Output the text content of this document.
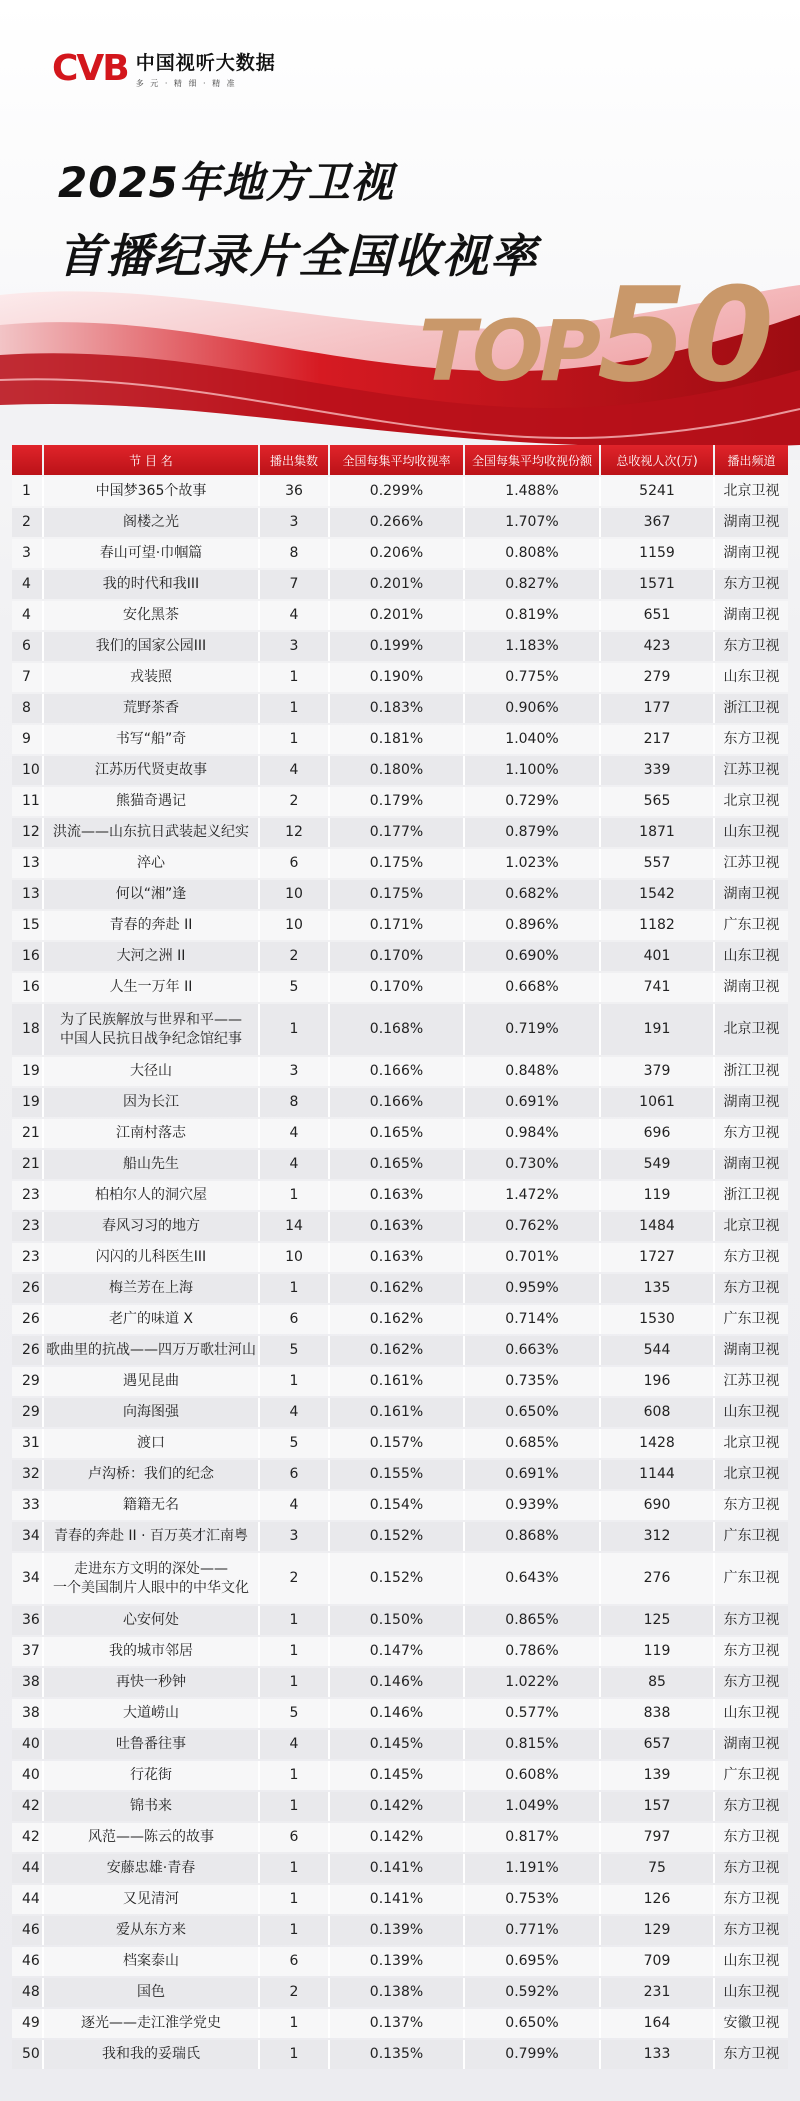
CVB 中国视听大数据
多 元 · 精 细 · 精 准
2025年地方卫视
首播纪录片全国收视率
TOP50
	节 目 名	播出集数	全国每集平均收视率	全国每集平均收视份额	总收视人次(万)	播出频道
1	中国梦365个故事	36	0.299%	1.488%	5241	北京卫视
2	阁楼之光	3	0.266%	1.707%	367	湖南卫视
3	春山可望·巾帼篇	8	0.206%	0.808%	1159	湖南卫视
4	我的时代和我III	7	0.201%	0.827%	1571	东方卫视
4	安化黑茶	4	0.201%	0.819%	651	湖南卫视
6	我们的国家公园III	3	0.199%	1.183%	423	东方卫视
7	戎装照	1	0.190%	0.775%	279	山东卫视
8	荒野茶香	1	0.183%	0.906%	177	浙江卫视
9	书写“船”奇	1	0.181%	1.040%	217	东方卫视
10	江苏历代贤吏故事	4	0.180%	1.100%	339	江苏卫视
11	熊猫奇遇记	2	0.179%	0.729%	565	北京卫视
12	洪流——山东抗日武装起义纪实	12	0.177%	0.879%	1871	山东卫视
13	淬心	6	0.175%	1.023%	557	江苏卫视
13	何以“湘”逢	10	0.175%	0.682%	1542	湖南卫视
15	青春的奔赴 II	10	0.171%	0.896%	1182	广东卫视
16	大河之洲 II	2	0.170%	0.690%	401	山东卫视
16	人生一万年 II	5	0.170%	0.668%	741	湖南卫视
18	为了民族解放与世界和平——
中国人民抗日战争纪念馆纪事	1	0.168%	0.719%	191	北京卫视
19	大径山	3	0.166%	0.848%	379	浙江卫视
19	因为长江	8	0.166%	0.691%	1061	湖南卫视
21	江南村落志	4	0.165%	0.984%	696	东方卫视
21	船山先生	4	0.165%	0.730%	549	湖南卫视
23	柏柏尔人的洞穴屋	1	0.163%	1.472%	119	浙江卫视
23	春风习习的地方	14	0.163%	0.762%	1484	北京卫视
23	闪闪的儿科医生III	10	0.163%	0.701%	1727	东方卫视
26	梅兰芳在上海	1	0.162%	0.959%	135	东方卫视
26	老广的味道 X	6	0.162%	0.714%	1530	广东卫视
26	歌曲里的抗战——四万万歌壮河山	5	0.162%	0.663%	544	湖南卫视
29	遇见昆曲	1	0.161%	0.735%	196	江苏卫视
29	向海图强	4	0.161%	0.650%	608	山东卫视
31	渡口	5	0.157%	0.685%	1428	北京卫视
32	卢沟桥：我们的纪念	6	0.155%	0.691%	1144	北京卫视
33	籍籍无名	4	0.154%	0.939%	690	东方卫视
34	青春的奔赴 II · 百万英才汇南粤	3	0.152%	0.868%	312	广东卫视
34	走进东方文明的深处——
一个美国制片人眼中的中华文化	2	0.152%	0.643%	276	广东卫视
36	心安何处	1	0.150%	0.865%	125	东方卫视
37	我的城市邻居	1	0.147%	0.786%	119	东方卫视
38	再快一秒钟	1	0.146%	1.022%	85	东方卫视
38	大道崂山	5	0.146%	0.577%	838	山东卫视
40	吐鲁番往事	4	0.145%	0.815%	657	湖南卫视
40	行花街	1	0.145%	0.608%	139	广东卫视
42	锦书来	1	0.142%	1.049%	157	东方卫视
42	风范——陈云的故事	6	0.142%	0.817%	797	东方卫视
44	安藤忠雄·青春	1	0.141%	1.191%	75	东方卫视
44	又见清河	1	0.141%	0.753%	126	东方卫视
46	爱从东方来	1	0.139%	0.771%	129	东方卫视
46	档案泰山	6	0.139%	0.695%	709	山东卫视
48	国色	2	0.138%	0.592%	231	山东卫视
49	逐光——走江淮学党史	1	0.137%	0.650%	164	安徽卫视
50	我和我的妥瑞氏	1	0.135%	0.799%	133	东方卫视
